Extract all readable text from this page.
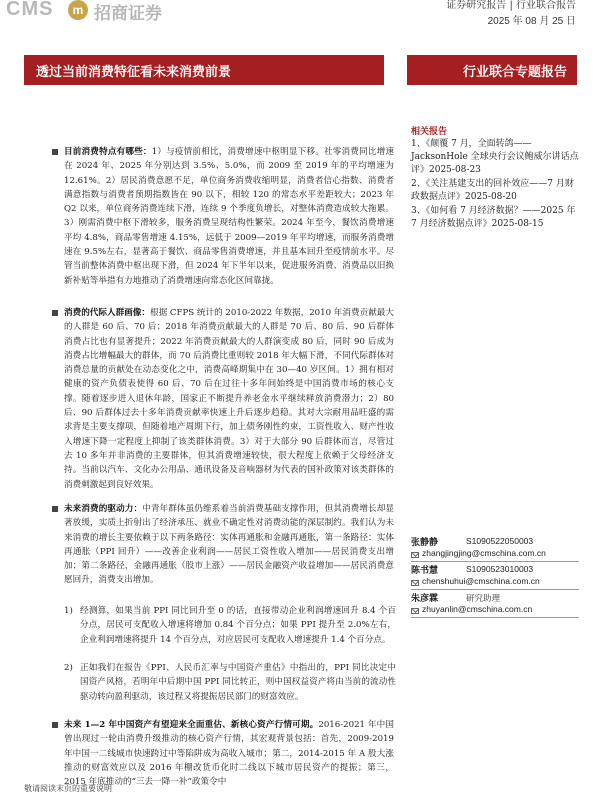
CMS	m 招商证券	证券研究报告 | 行业联合报告
2025 年 08 月 25 日
透过当前消费特征看未来消费前景	行业联合专题报告

目前消费特点有哪些：1）与疫情前相比，消费增速中枢明显下移。社零消费同比增速在 2024 年、2025 年分别达到 3.5%、5.0%，而 2009 至 2019 年的平均增速为 12.61%。2）居民消费意愿不足，单位商务消费收缩明显，消费者信心指数、消费者满意指数与消费者预期指数皆在 90 以下，相较 120 的常态水平差距较大；2023 年 Q2 以来，单位商务消费连续下滑，连续 9 个季度负增长，对整体消费造成较大拖累。3）刚需消费中枢下滑较多，服务消费呈现结构性繁荣。2024 年至今，餐饮消费增速平均 4.8%，商品零售增速 4.15%，远低于 2009—2019 年平均增速，而服务消费增速在 9.5%左右，显著高于餐饮、商品零售消费增速，并且基本回升至疫情前水平。尽管当前整体消费中枢出现下滑，但 2024 年下半年以来，促进服务消费、消费品以旧换新补贴等举措有力地推动了消费增速向常态化区间靠拢。

消费的代际人群画像：根据 CFPS 统计的 2010-2022 年数据，2010 年消费贡献最大的人群是 60 后、70 后；2018 年消费贡献最大的人群是 70 后、80 后、90 后群体消费占比也有显著提升；2022 年消费贡献最大的人群演变成 80 后，同时 90 后成为消费占比增幅最大的群体，而 70 后消费比重则较 2018 年大幅下滑，不同代际群体对消费总量的贡献处在动态变化之中，消费高峰期集中在 30—40 岁区间。1）拥有相对健康的资产负债表使得 60 后、70 后在过往十多年间始终是中国消费市场的核心支撑。随着逐步进入退休年龄，国家正不断提升养老金水平继续释放消费潜力；2）80 后、90 后群体过去十多年消费贡献率快速上升后逐步趋稳。其对大宗耐用品旺盛的需求背是主要支撑项，但随着地产周期下行，加上债务刚性约束，工资性收入、财产性收入增速下降一定程度上抑制了该类群体消费。3）对于大部分 90 后群体而言，尽管过去 10 多年并非消费的主要群体，但其消费增速较快，很大程度上依赖于父母经济支持。当前以汽车、文化办公用品、通讯设备及音响器材为代表的国补政策对该类群体的消费刺激起到良好效果。

未来消费的驱动力：中青年群体虽仍维系着当前消费基础支撑作用，但其消费增长却显著放缓，实质上折射出了经济承压、就业不确定性对消费动能的深层制约。我们认为未来消费的增长主要依赖于以下两条路径：实体再通胀和金融再通胀，第一条路径：实体再通胀（PPI 回升）——改善企业利润——居民工资性收入增加——居民消费支出增加；第二条路径，金融再通胀（股市上涨）——居民金融资产收益增加——居民消费意愿回升，消费支出增加。

1) 经测算，如果当前 PPI 同比回升至 0 的话，直接带动企业利润增速回升 8.4 个百分点，居民可支配收入增速将增加 0.84 个百分点；如果 PPI 提升至 2.0%左右，企业利润增速将提升 14 个百分点，对应居民可支配收入增速提升 1.4 个百分点。

2) 正如我们在报告《PPI、人民币汇率与中国资产重估》中指出的，PPI 同比决定中国资产风格，若明年中后期中国 PPI 同比转正，则中国权益资产将由当前的流动性驱动转向盈利驱动，该过程又将提振居民部门的财富效应。

未来 1—2 年中国资产有望迎来全面重估、新核心资产行情可期。2016-2021 年中国曾出现过一轮由消费升级推动的核心资产行情，其宏观背景包括：首先，2009-2019 年中国一二线城市快速跨过中等陷阱成为高收入城市；第二，2014-2015 年 A 股大涨推动的财富效应以及 2016 年棚改货币化时二线以下城市居民资产的提振；第三，2015 年底推动的“三去一降一补”政策令中

相关报告
1、《颠覆 7 月，全面转鸽——JacksonHole 全球央行会议鲍威尔讲话点评》2025-08-23
2、《关注基建支出的回补效应——7 月财政数据点评》2025-08-20
3、《如何看 7 月经济数据？——2025 年 7 月经济数据点评》2025-08-15
张静静	S1090522050003
zhangjingjing@cmschina.com.cn
陈书慧	S1090523010003
chenshuhui@cmschina.com.cn
朱彦霖	研究助理
zhuyanlin@cmschina.com.cn
敬请阅读末页的重要说明
